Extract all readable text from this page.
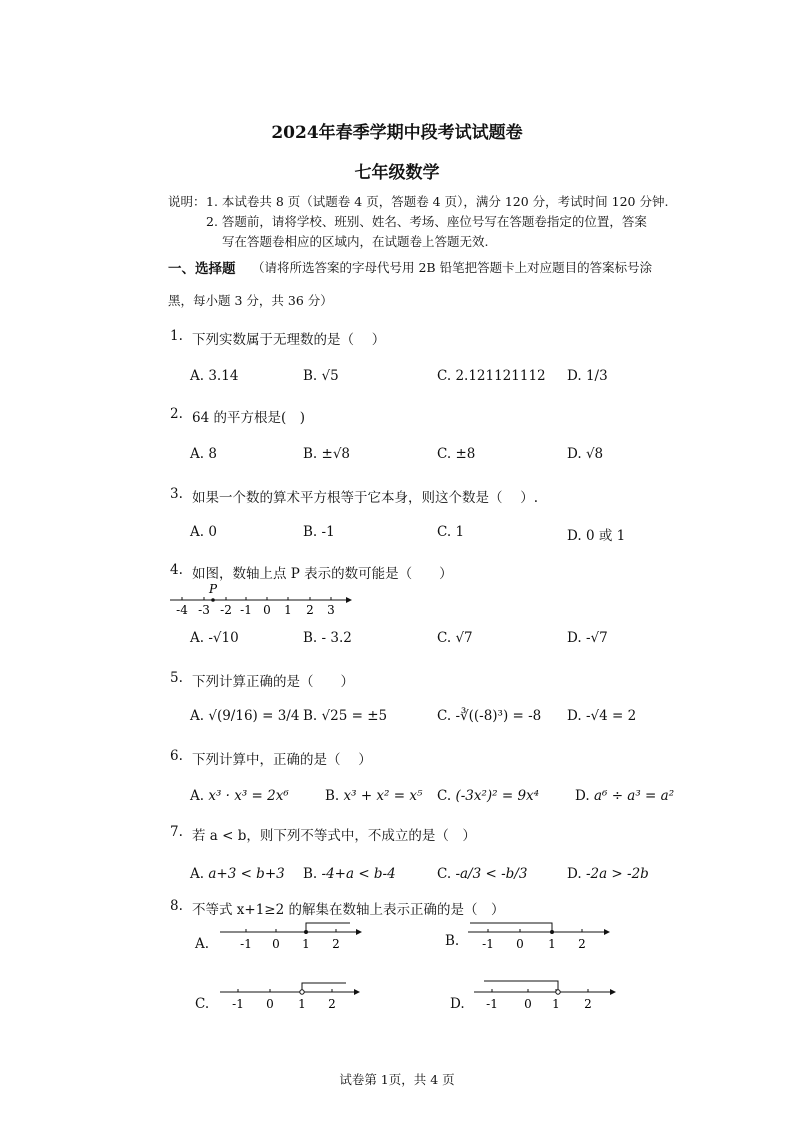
2024年春季学期中段考试试题卷
七年级数学
说明： 1. 本试卷共 8 页（试题卷 4 页，答题卷 4 页），满分 120 分，考试时间 120 分钟.
2. 答题前，请将学校、班别、姓名、考场、座位号写在答题卷指定的位置，答案
写在答题卷相应的区域内，在试题卷上答题无效.
一、选择题 （请将所选答案的字母代号用 2B 铅笔把答题卡上对应题目的答案标号涂
黑，每小题 3 分，共 36 分）
1. 下列实数属于无理数的是（　 ）
A. 3.14	B. √5	C. 2.121121112 D. 1/3
2. 64 的平方根是(　)
A. 8	B. ±√8	C. ±8	D. √8
3. 如果一个数的算术平方根等于它本身，则这个数是（　 ）.
A. 0	B. -1	C. 1	D. 0 或 1
4. 如图，数轴上点 P 表示的数可能是（　　）
-4 -3 -2 -1 0 1 2 3
P
A. -√10	B. - 3.2	C. √7	D. -√7
5. 下列计算正确的是（　　）
A. √(9/16) = 3/4 B. √25 = ±5	C. -∛((-8)³) = -8 D. -√4 = 2
6. 下列计算中，正确的是（　 ）
A. x³ · x³ = 2x⁶	B. x³ + x² = x⁵ C. (-3x²)² = 9x⁴	D. a⁶ ÷ a³ = a²
7. 若 a < b，则下列不等式中，不成立的是（　）
A. a+3 < b+3 B. -4+a < b-4	C. -a/3 < -b/3	D. -2a > -2b
8. 不等式 x+1≥2 的解集在数轴上表示正确的是（　）
A.	-1 0 1 2	B. -1 0 1 2
C. -1 0 1 2	D. -1 0 1 2
试卷第 1页，共 4 页
